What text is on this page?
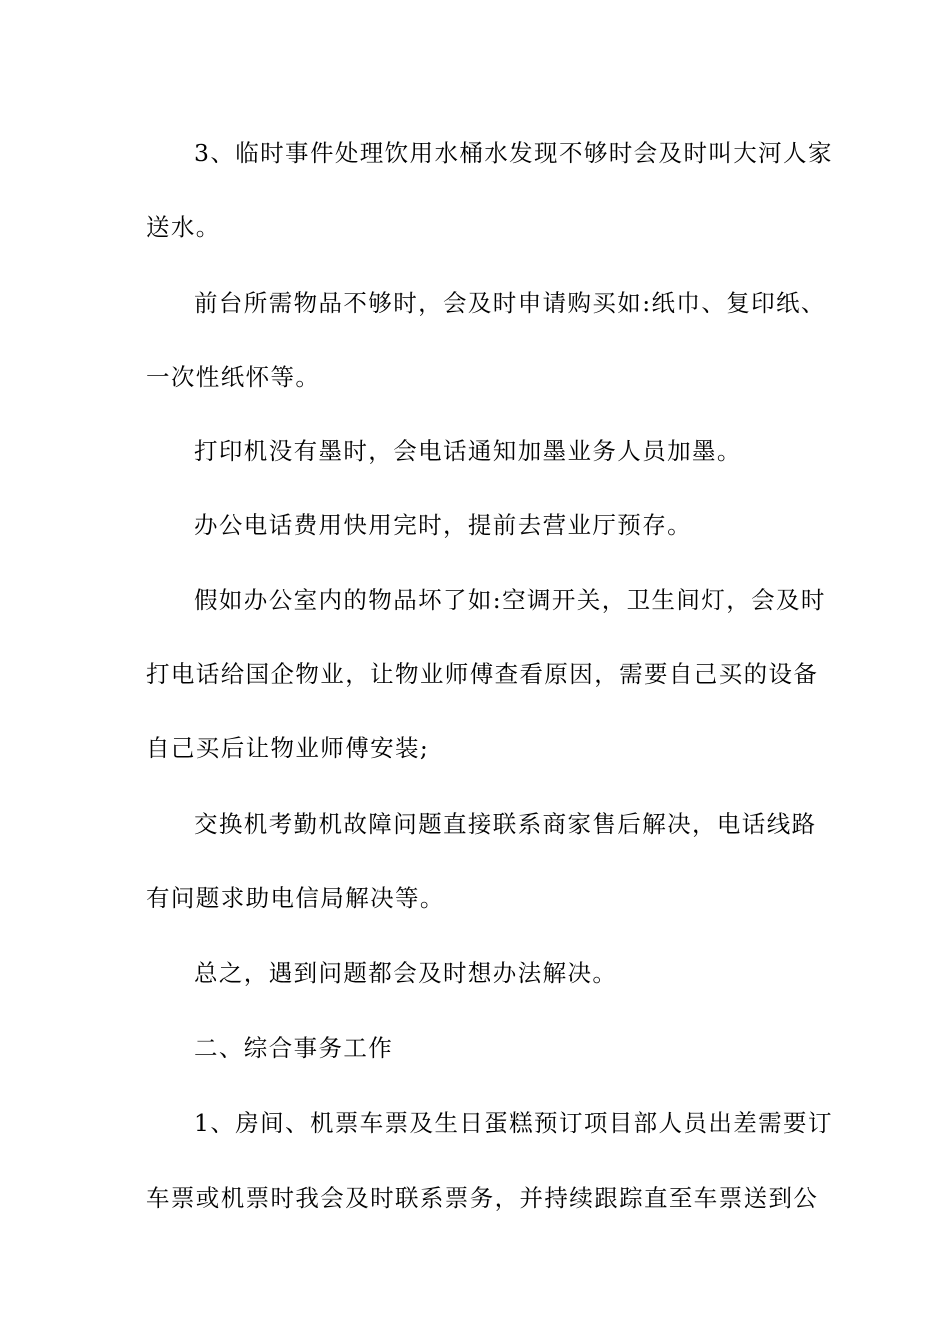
3、临时事件处理饮用水桶水发现不够时会及时叫大河人家
送水。
前台所需物品不够时，会及时申请购买如:纸巾、复印纸、
一次性纸怀等。
打印机没有墨时，会电话通知加墨业务人员加墨。
办公电话费用快用完时，提前去营业厅预存。
假如办公室内的物品坏了如:空调开关，卫生间灯，会及时
打电话给国企物业，让物业师傅查看原因，需要自己买的设备
自己买后让物业师傅安装;
交换机考勤机故障问题直接联系商家售后解决，电话线路
有问题求助电信局解决等。
总之，遇到问题都会及时想办法解决。
二、综合事务工作
1、房间、机票车票及生日蛋糕预订项目部人员出差需要订
车票或机票时我会及时联系票务，并持续跟踪直至车票送到公
